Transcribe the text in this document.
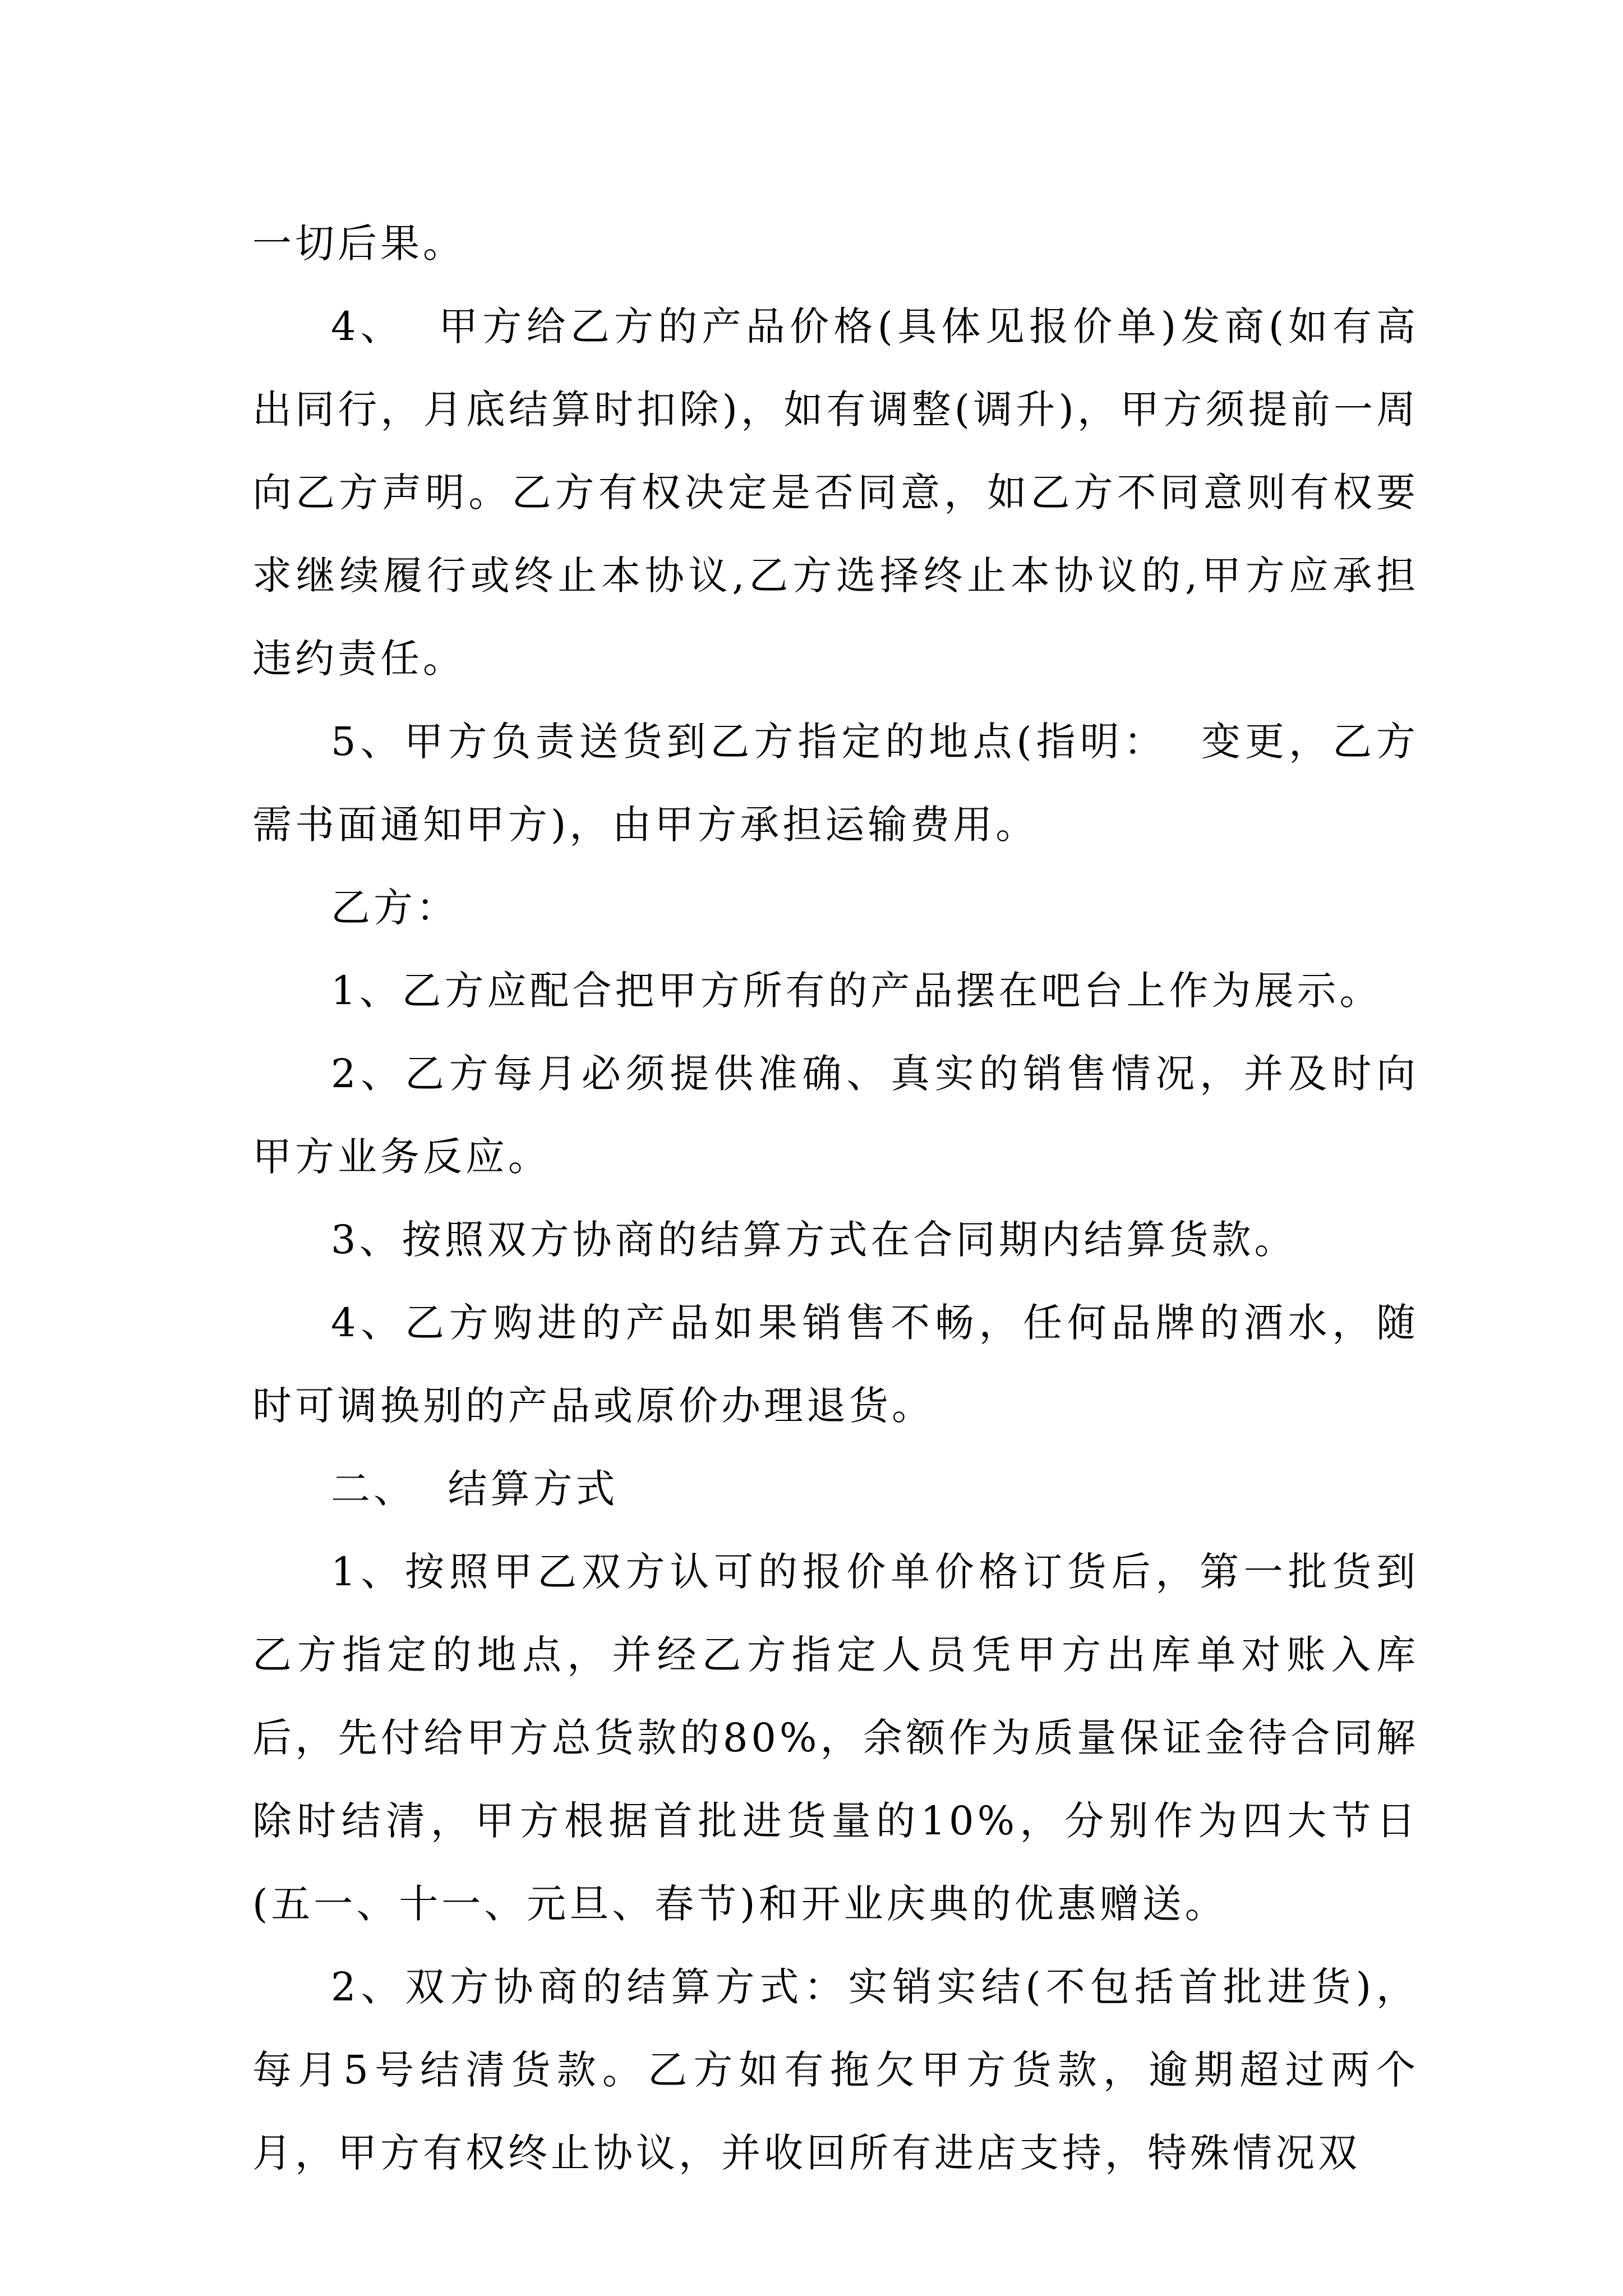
一切后果。

4、  甲方给乙方的产品价格(具体见报价单)发商(如有高出同行，月底结算时扣除)，如有调整(调升)，甲方须提前一周向乙方声明。乙方有权决定是否同意，如乙方不同意则有权要求继续履行或终止本协议,乙方选择终止本协议的,甲方应承担违约责任。

5、甲方负责送货到乙方指定的地点(指明：  变更，乙方需书面通知甲方)，由甲方承担运输费用。

乙方：

1、乙方应配合把甲方所有的产品摆在吧台上作为展示。

2、乙方每月必须提供准确、真实的销售情况，并及时向甲方业务反应。

3、按照双方协商的结算方式在合同期内结算货款。

4、乙方购进的产品如果销售不畅，任何品牌的酒水，随时可调换别的产品或原价办理退货。

二、  结算方式

1、按照甲乙双方认可的报价单价格订货后，第一批货到乙方指定的地点，并经乙方指定人员凭甲方出库单对账入库后，先付给甲方总货款的80%，余额作为质量保证金待合同解除时结清，甲方根据首批进货量的10%，分别作为四大节日(五一、十一、元旦、春节)和开业庆典的优惠赠送。

2、双方协商的结算方式：实销实结(不包括首批进货)，每月5号结清货款。乙方如有拖欠甲方货款，逾期超过两个月，甲方有权终止协议，并收回所有进店支持，特殊情况双
